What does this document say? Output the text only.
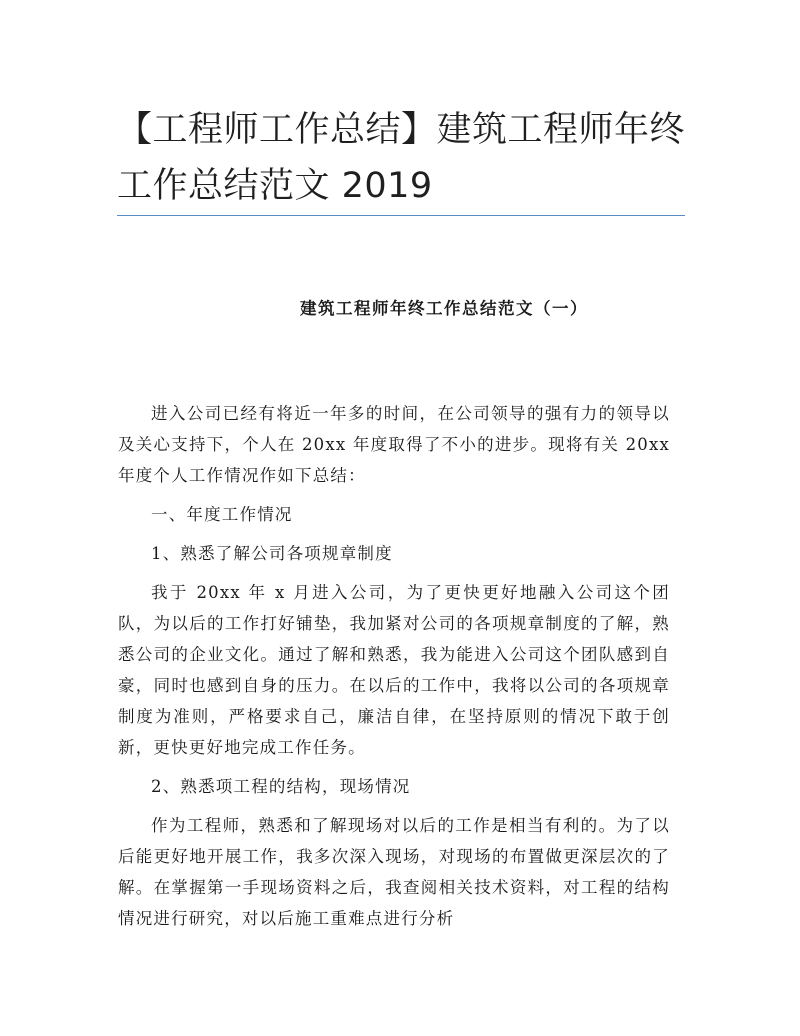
【工程师工作总结】建筑工程师年终
工作总结范文 2019
建筑工程师年终工作总结范文（一）

进入公司已经有将近一年多的时间，在公司领导的强有力的领导以及关心支持下，个人在 20xx 年度取得了不小的进步。现将有关 20xx 年度个人工作情况作如下总结：

一、年度工作情况

1、熟悉了解公司各项规章制度

我于 20xx 年 x 月进入公司，为了更快更好地融入公司这个团队，为以后的工作打好铺垫，我加紧对公司的各项规章制度的了解，熟悉公司的企业文化。通过了解和熟悉，我为能进入公司这个团队感到自豪，同时也感到自身的压力。在以后的工作中，我将以公司的各项规章制度为准则，严格要求自己，廉洁自律，在坚持原则的情况下敢于创新，更快更好地完成工作任务。

2、熟悉项工程的结构，现场情况

作为工程师，熟悉和了解现场对以后的工作是相当有利的。为了以后能更好地开展工作，我多次深入现场，对现场的布置做更深层次的了解。在掌握第一手现场资料之后，我查阅相关技术资料，对工程的结构情况进行研究，对以后施工重难点进行分析
